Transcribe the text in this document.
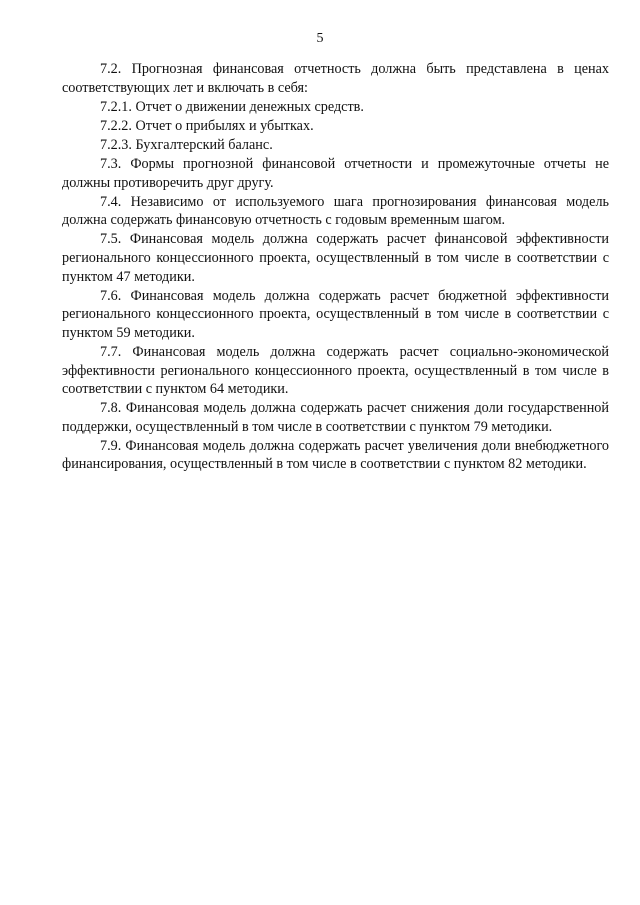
5

7.2. Прогнозная финансовая отчетность должна быть представлена в ценах соответствующих лет и включать в себя:

7.2.1. Отчет о движении денежных средств.

7.2.2. Отчет о прибылях и убытках.

7.2.3. Бухгалтерский баланс.

7.3. Формы прогнозной финансовой отчетности и промежуточные отчеты не должны противоречить друг другу.

7.4. Независимо от используемого шага прогнозирования финансовая модель должна содержать финансовую отчетность с годовым временным шагом.

7.5. Финансовая модель должна содержать расчет финансовой эффективности регионального концессионного проекта, осуществленный в том числе в соответствии с пунктом 47 методики.

7.6. Финансовая модель должна содержать расчет бюджетной эффективности регионального концессионного проекта, осуществленный в том числе в соответствии с пунктом 59 методики.

7.7. Финансовая модель должна содержать расчет социально-экономической эффективности регионального концессионного проекта, осуществленный в том числе в соответствии с пунктом 64 методики.

7.8. Финансовая модель должна содержать расчет снижения доли государственной поддержки, осуществленный в том числе в соответствии с пунктом 79 методики.

7.9. Финансовая модель должна содержать расчет увеличения доли внебюджетного финансирования, осуществленный в том числе в соответствии с пунктом 82 методики.
